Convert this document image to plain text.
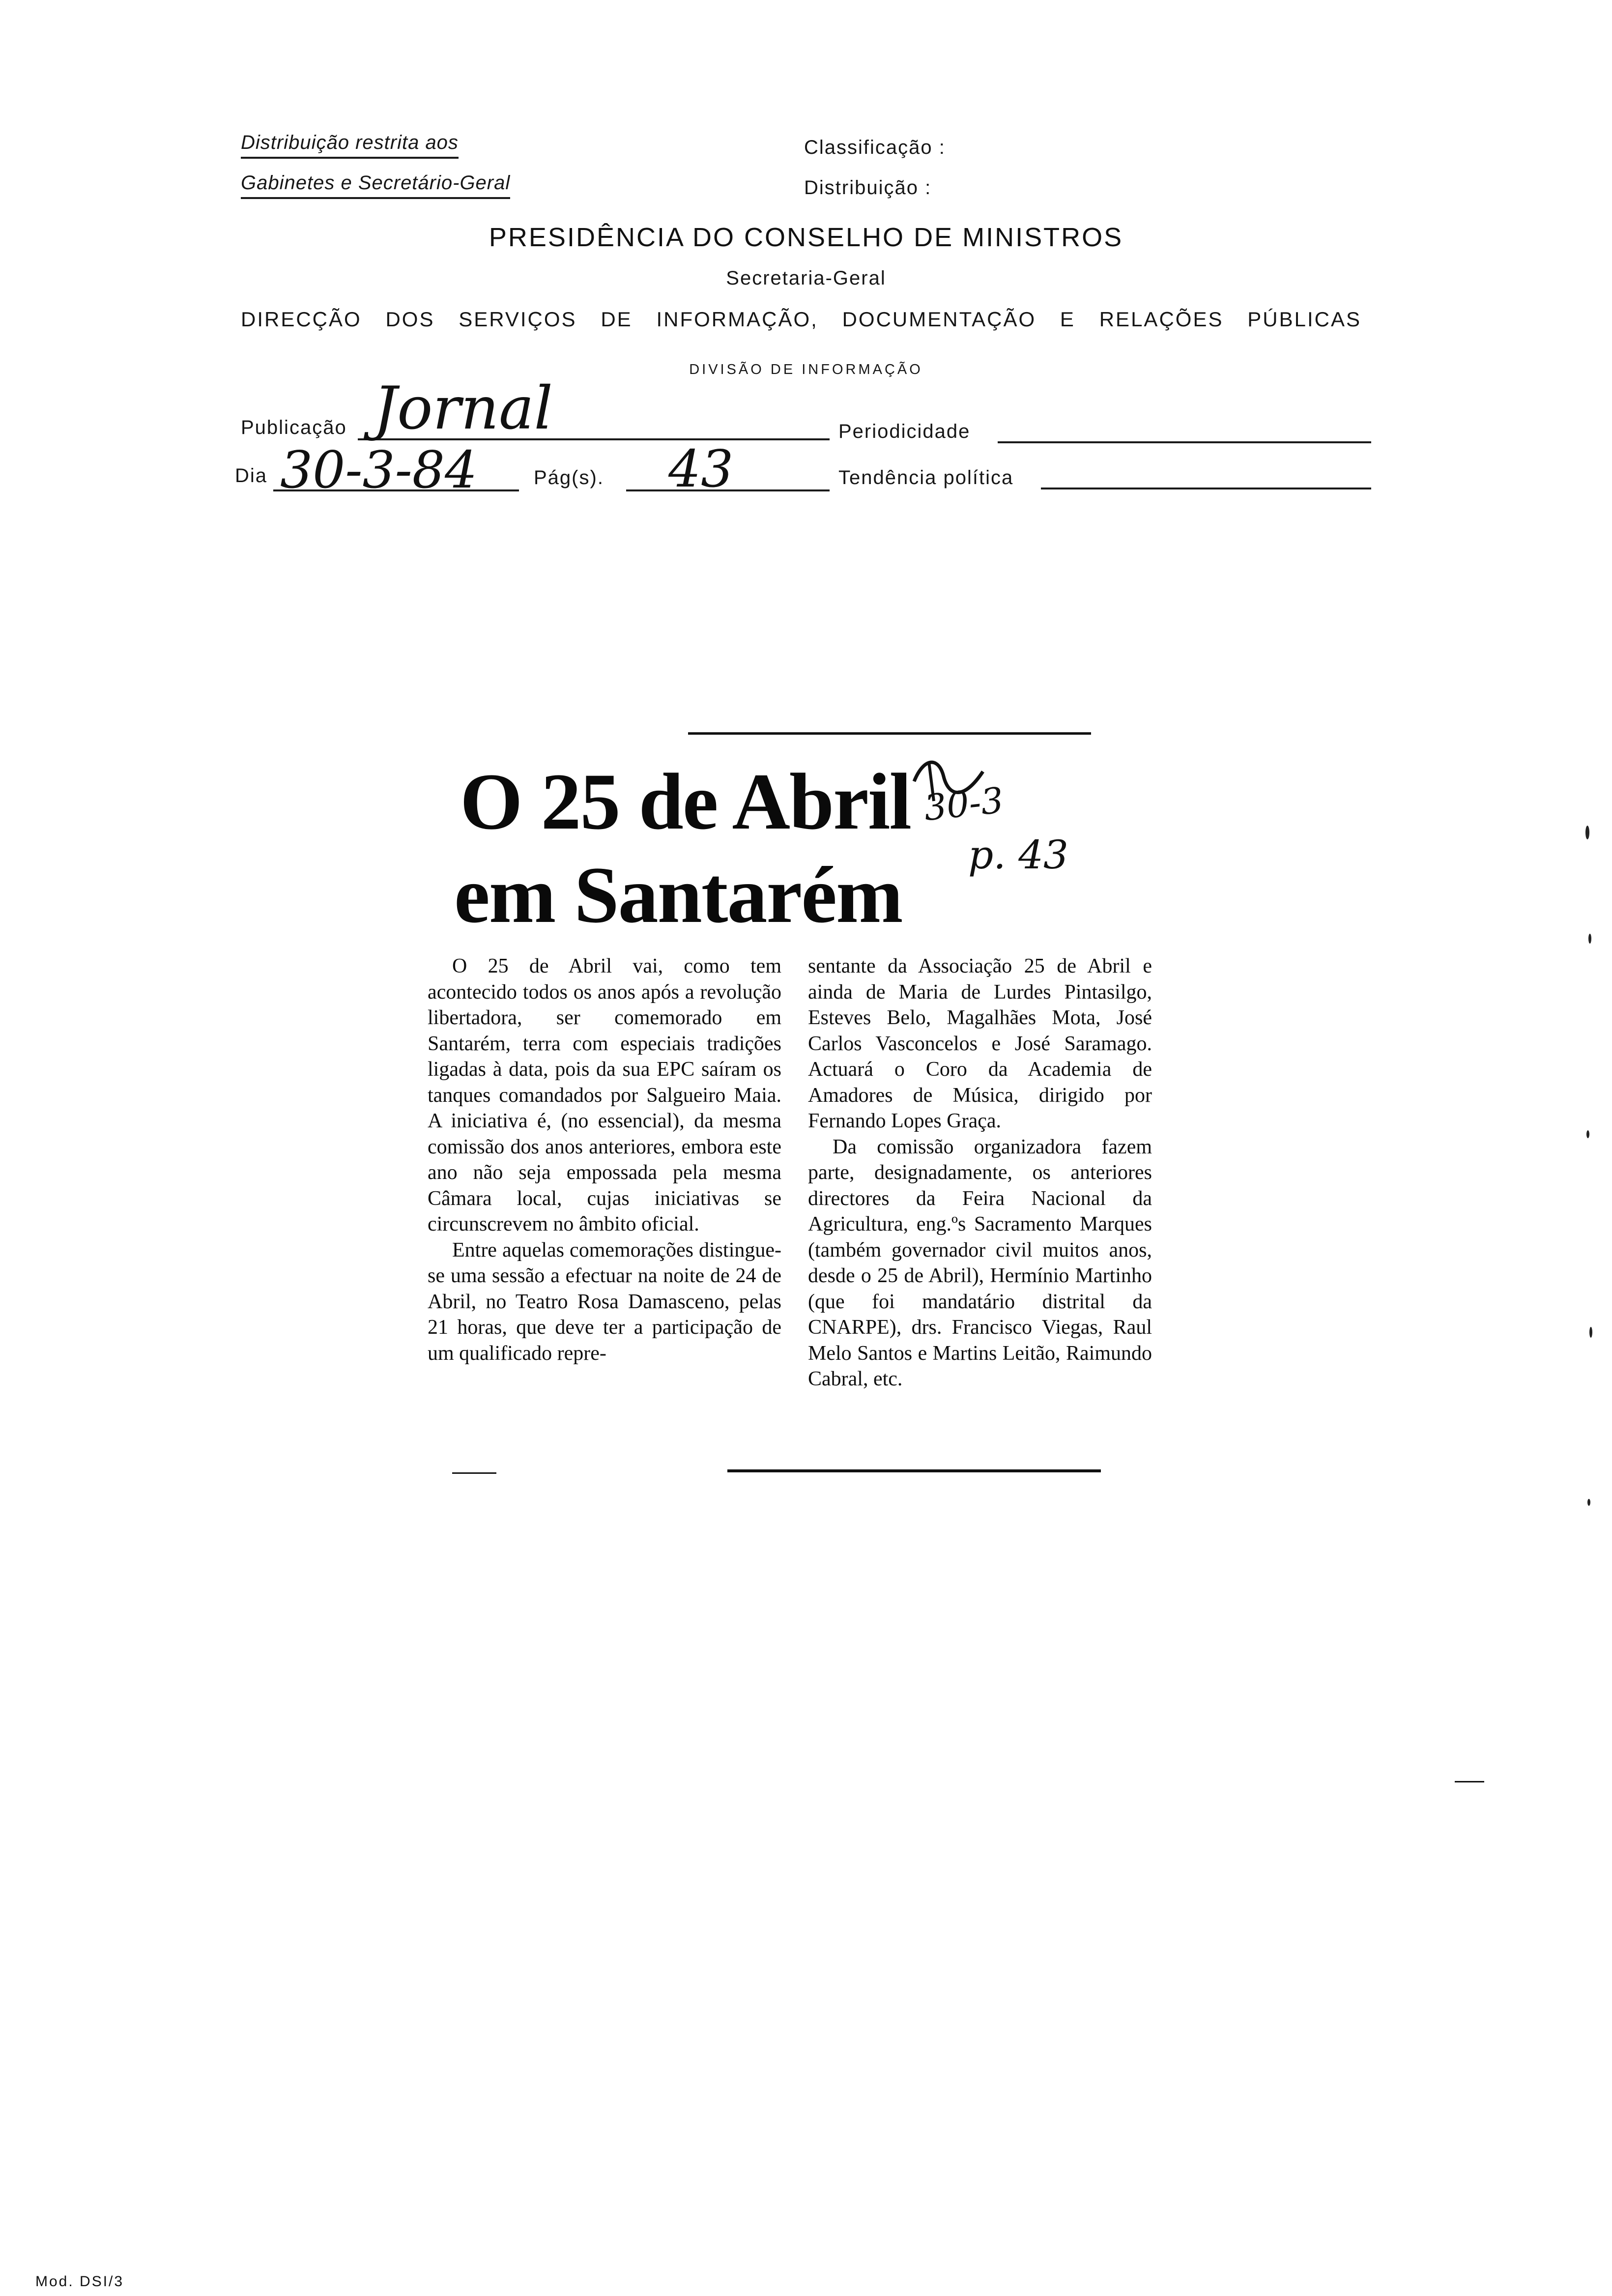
Distribuição restrita aos
Gabinetes e Secretário-Geral
Classificação :
Distribuição :
PRESIDÊNCIA DO CONSELHO DE MINISTROS
Secretaria-Geral
DIRECÇÃO DOS SERVIÇOS DE INFORMAÇÃO, DOCUMENTAÇÃO E RELAÇÕES PÚBLICAS
DIVISÃO DE INFORMAÇÃO
Publicação Jornal	Periodicidade
Dia 30-3-84	Pág(s). 43	Tendência política
O 25 de Abril
em Santarém
30-3
p. 43

O 25 de Abril vai, como tem acontecido todos os anos após a revolução libertadora, ser comemorado em Santarém, terra com especiais tradições ligadas à data, pois da sua EPC saíram os tanques comandados por Salgueiro Maia. A iniciativa é, (no essencial), da mesma comissão dos anos anteriores, embora este ano não seja empossada pela mesma Câmara local, cujas iniciativas se circunscrevem no âmbito oficial.

Entre aquelas comemorações distingue-se uma sessão a efectuar na noite de 24 de Abril, no Teatro Rosa Damasceno, pelas 21 horas, que deve ter a participação de um qualificado repre-

sentante da Associação 25 de Abril e ainda de Maria de Lurdes Pintasilgo, Esteves Belo, Magalhães Mota, José Carlos Vasconcelos e José Saramago. Actuará o Coro da Academia de Amadores de Música, dirigido por Fernando Lopes Graça.

Da comissão organizadora fazem parte, designadamente, os anteriores directores da Feira Nacional da Agricultura, eng.ºs Sacramento Marques (também governador civil muitos anos, desde o 25 de Abril), Hermínio Martinho (que foi mandatário distrital da CNARPE), drs. Francisco Viegas, Raul Melo Santos e Martins Leitão, Raimundo Cabral, etc.

Mod. DSI/3
